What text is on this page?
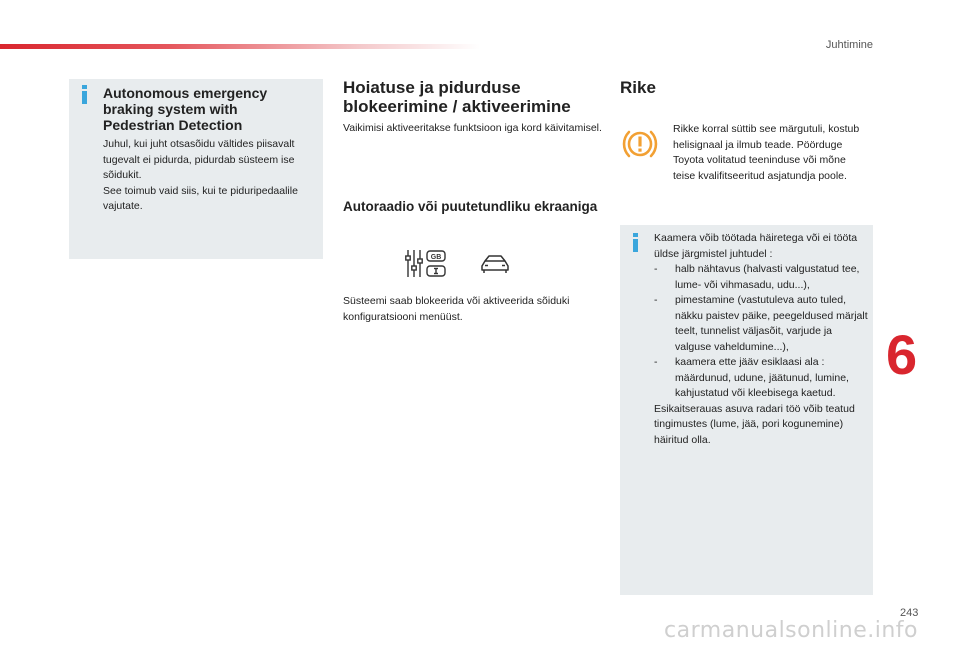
Juhtimine
Autonomous emergency braking system with Pedestrian Detection
Juhul, kui juht otsasõidu vältides piisavalt tugevalt ei pidurda, pidurdab süsteem ise sõidukit.
See toimub vaid siis, kui te piduripedaalile vajutate.
Hoiatuse ja pidurduse blokeerimine / aktiveerimine
Vaikimisi aktiveeritakse funktsioon iga kord käivitamisel.
Autoraadio või puutetundliku ekraaniga
GB
Süsteemi saab blokeerida või aktiveerida sõiduki konfiguratsiooni menüüst.
Rike
Rikke korral süttib see märgutuli, kostub helisignaal ja ilmub teade. Pöörduge Toyota volitatud teeninduse või mõne teise kvalifitseeritud asjatundja poole.
Kaamera võib töötada häiretega või ei tööta üldse järgmistel juhtudel :
- halb nähtavus (halvasti valgustatud tee, lume- või vihmasadu, udu...),
- pimestamine (vastutuleva auto tuled, näkku paistev päike, peegeldused märjalt teelt, tunnelist väljasõit, varjude ja valguse vaheldumine...),
- kaamera ette jääv esiklaasi ala : määrdunud, udune, jäätunud, lumine, kahjustatud või kleebisega kaetud.
Esikaitserauas asuva radari töö võib teatud tingimustes (lume, jää, pori kogunemine) häiritud olla.
6
243
carmanualsonline.info
